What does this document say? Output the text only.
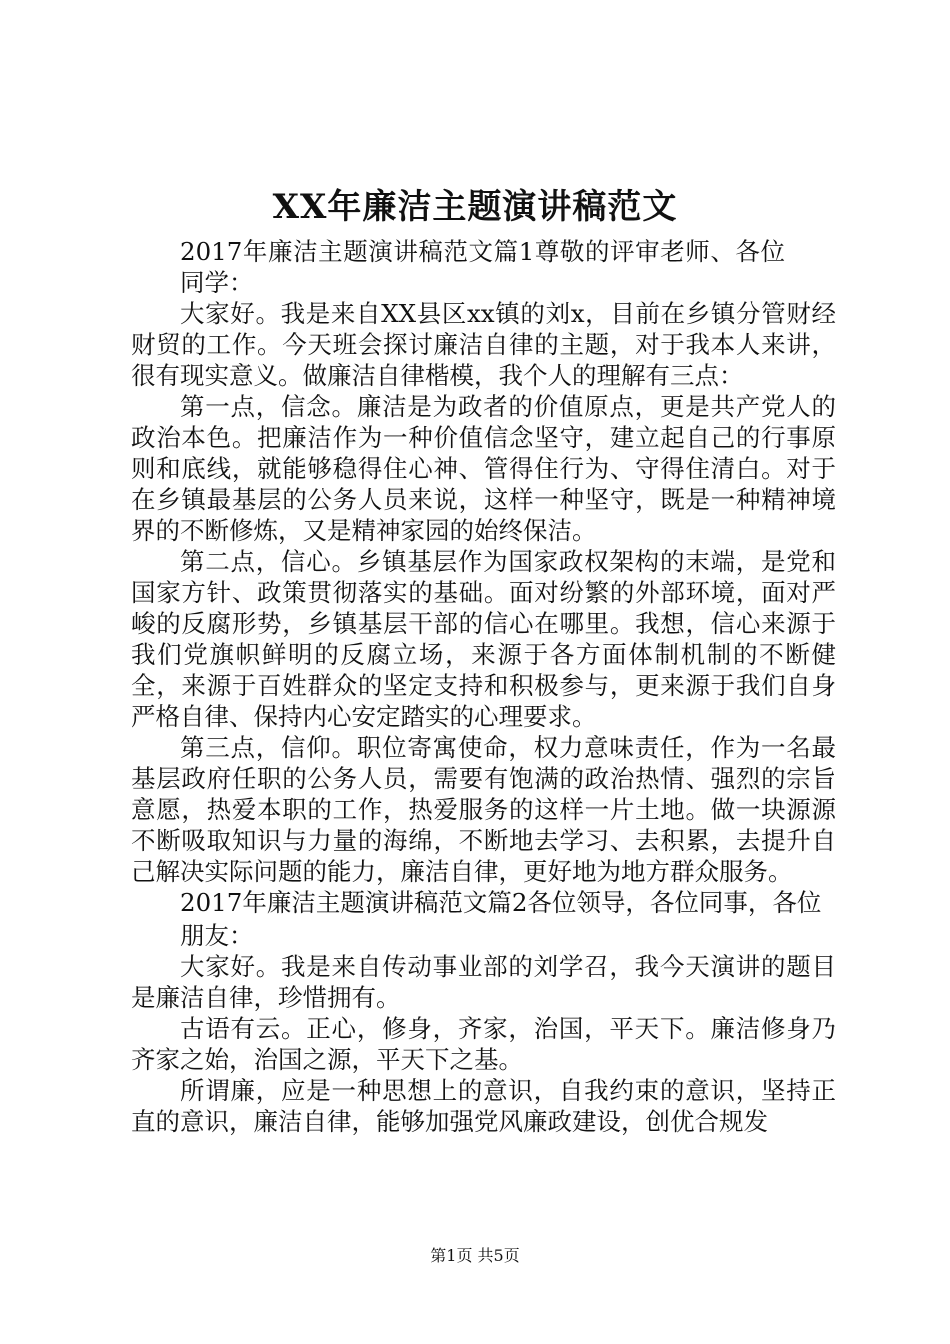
XX年廉洁主题演讲稿范文

2017年廉洁主题演讲稿范文篇1尊敬的评审老师、各位同学：

大家好。我是来自XX县区xx镇的刘x，目前在乡镇分管财经财贸的工作。今天班会探讨廉洁自律的主题，对于我本人来讲，很有现实意义。做廉洁自律楷模，我个人的理解有三点：

第一点，信念。廉洁是为政者的价值原点，更是共产党人的政治本色。把廉洁作为一种价值信念坚守，建立起自己的行事原则和底线，就能够稳得住心神、管得住行为、守得住清白。对于在乡镇最基层的公务人员来说，这样一种坚守，既是一种精神境界的不断修炼，又是精神家园的始终保洁。

第二点，信心。乡镇基层作为国家政权架构的末端，是党和国家方针、政策贯彻落实的基础。面对纷繁的外部环境，面对严峻的反腐形势，乡镇基层干部的信心在哪里。我想，信心来源于我们党旗帜鲜明的反腐立场，来源于各方面体制机制的不断健全，来源于百姓群众的坚定支持和积极参与，更来源于我们自身严格自律、保持内心安定踏实的心理要求。

第三点，信仰。职位寄寓使命，权力意味责任，作为一名最基层政府任职的公务人员，需要有饱满的政治热情、强烈的宗旨意愿，热爱本职的工作，热爱服务的这样一片土地。做一块源源不断吸取知识与力量的海绵，不断地去学习、去积累，去提升自己解决实际问题的能力，廉洁自律，更好地为地方群众服务。

2017年廉洁主题演讲稿范文篇2各位领导，各位同事，各位

朋友：

大家好。我是来自传动事业部的刘学召，我今天演讲的题目是廉洁自律，珍惜拥有。

古语有云。正心，修身，齐家，治国，平天下。廉洁修身乃齐家之始，治国之源，平天下之基。

所谓廉，应是一种思想上的意识，自我约束的意识，坚持正直的意识，廉洁自律，能够加强党风廉政建设，创优合规发

第1页 共5页
